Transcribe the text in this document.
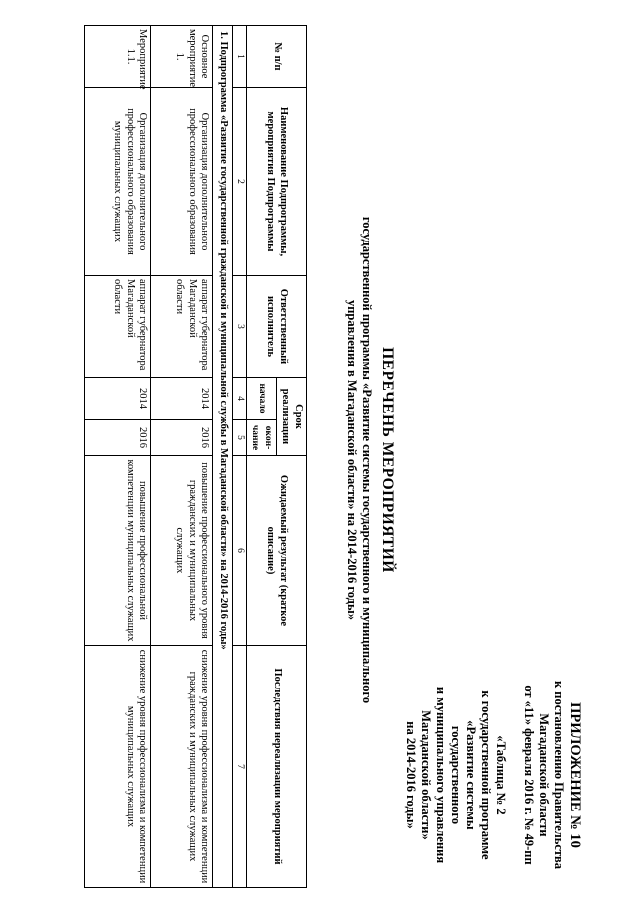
ПРИЛОЖЕНИЕ № 10
к постановлению Правительства
Магаданской области
от «11» февраля 2016 г. № 49-пп
«Таблица № 2
к государственной программе
«Развитие системы государственного
и муниципального управления
Магаданской области»
на 2014-2016 годы»
ПЕРЕЧЕНЬ МЕРОПРИЯТИЙ
государственной программы «Развитие системы государственного и муниципального
управления в Магаданской области» на 2014-2016 годы»
№ п/п	Наименование Подпрограммы, мероприятия Подпрограммы	Ответственный исполнитель	Срок реализации		Ожидаемый результат (краткое описание)	Последствия нереализации мероприятий
			начало	окон-чание		
1	2	3	4	5	6	7
1. Подпрограмма «Развитие государственной гражданской и муниципальной службы в Магаданской области» на 2014-2016 годы»						
Основное мероприятие 1.	Организация дополнительного профессионального образования	аппарат губернатора Магаданской области	2014	2016	повышение профессионального уровня гражданских и муниципальных служащих	снижение уровня профессионализма и компетенции гражданских и муниципальных служащих
Мероприятие 1.1.	Организация дополнительного профессионального образования муниципальных служащих	аппарат губернатора Магаданской области	2014	2016	повышение профессиональной компетенции муниципальных служащих	снижение уровня профессионализма и компетенции муниципальных служащих
